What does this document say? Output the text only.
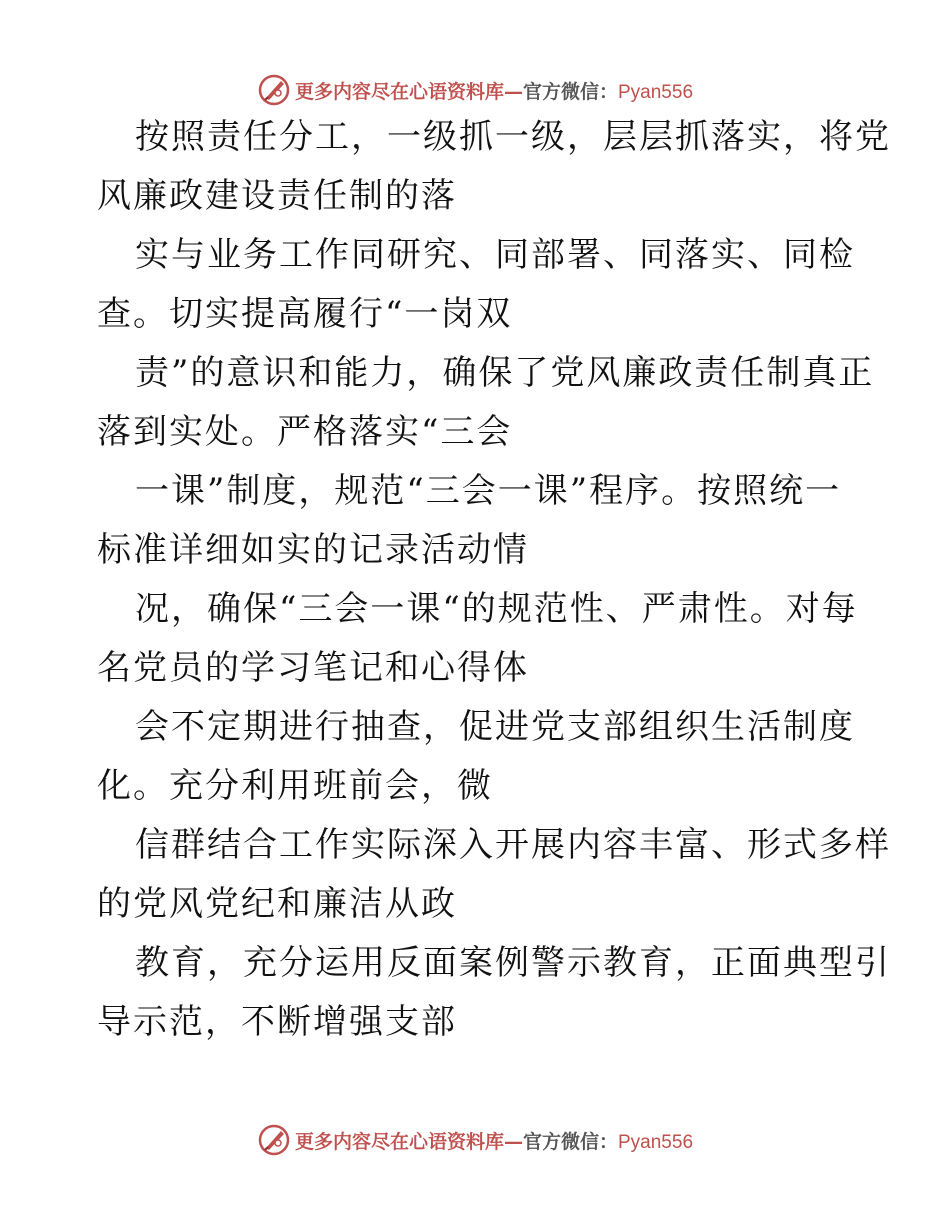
更多内容尽在心语资料库—官方微信：Pyan556
按照责任分工，一级抓一级，层层抓落实，将党
风廉政建设责任制的落
实与业务工作同研究、同部署、同落实、同检
查。切实提高履行“一岗双
责”的意识和能力，确保了党风廉政责任制真正
落到实处。严格落实“三会
一课”制度，规范“三会一课”程序。按照统一
标准详细如实的记录活动情
况，确保“三会一课“的规范性、严肃性。对每
名党员的学习笔记和心得体
会不定期进行抽查，促进党支部组织生活制度
化。充分利用班前会，微
信群结合工作实际深入开展内容丰富、形式多样
的党风党纪和廉洁从政
教育，充分运用反面案例警示教育，正面典型引
导示范，不断增强支部
更多内容尽在心语资料库—官方微信：Pyan556
